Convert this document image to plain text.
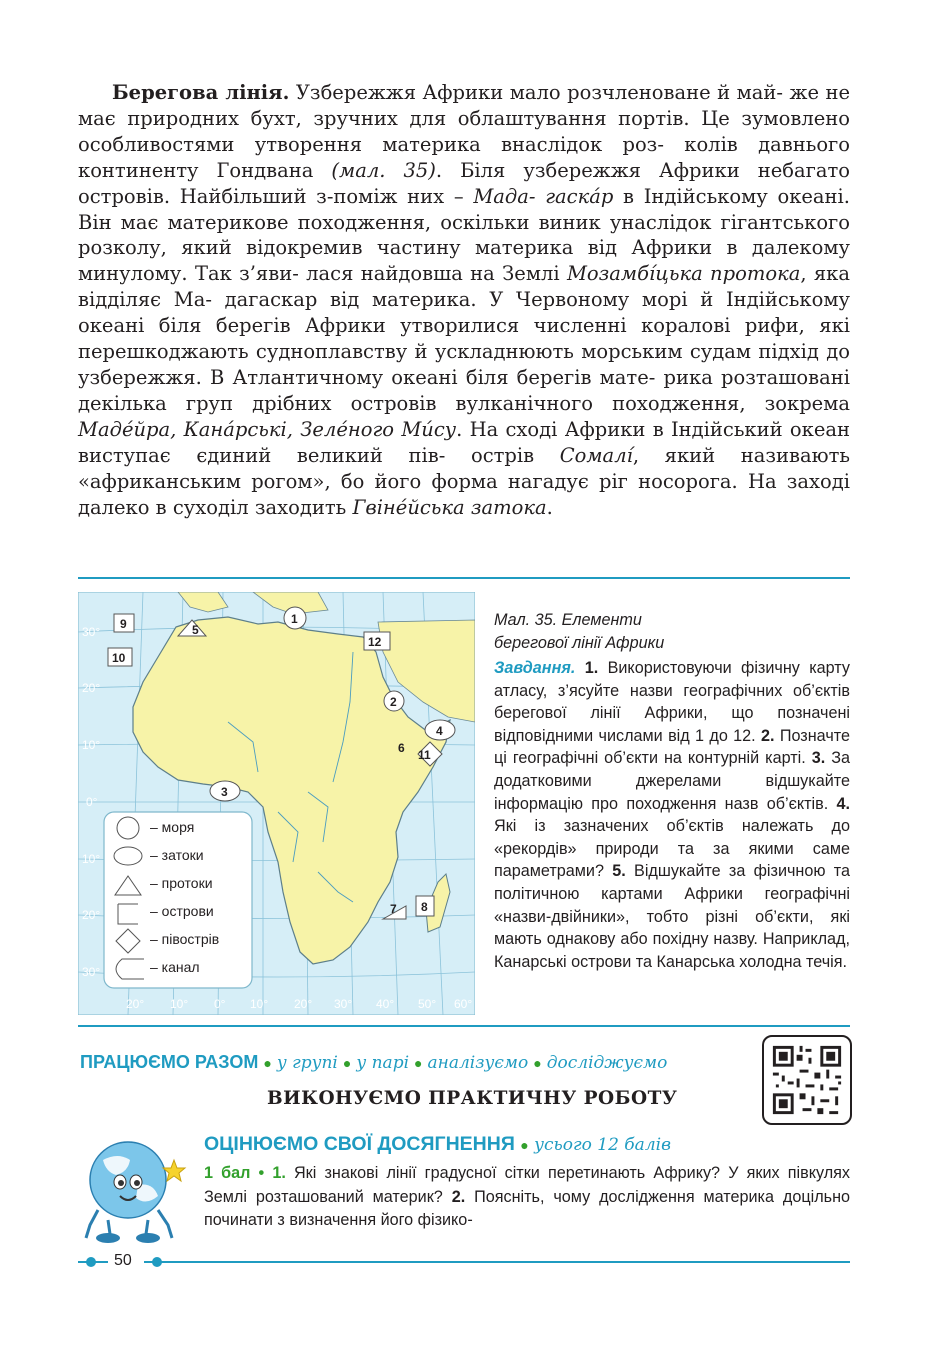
Берегова лінія. Узбережжя Африки мало розчленоване й май- же не має природних бухт, зручних для облаштування портів. Це зумовлено особливостями утворення материка внаслідок роз- колів давнього континенту Гондвана (мал. 35). Біля узбережжя Африки небагато островів. Найбільший з-поміж них – Мада- гаска́р в Індійському океані. Він має материкове походження, оскільки виник унаслідок гігантського розколу, який відокремив частину материка від Африки в далекому минулому. Так з’яви- лася найдовша на Землі Мозамбі́цька протока, яка відділяє Ма- дагаскар від материка. У Червоному морі й Індійському океані біля берегів Африки утворилися численні коралові рифи, які перешкоджають судноплавству й ускладнюють морським судам підхід до узбережжя. В Атлантичному океані біля берегів мате- рика розташовані декілька груп дрібних островів вулканічного походження, зокрема Маде́йра, Кана́рські, Зеле́ного Ми́су. На сході Африки в Індійський океан виступає єдиний великий пів- острів Сомалі́, який називають «африканським рогом», бо його форма нагадує ріг носорога. На заході далеко в суходіл заходить Гвіне́йська затока.

30°
20°
10°
0°
10°
20°
30°
20° 10° 0° 10° 20° 30° 40° 50° 60°
1
2
3
4
5
6
7 8
9
10
11
12
– моря
– затоки
– протоки
– острови
– півострів
– канал
Мал. 35. Елементи
берегової лінії Африки
Завдання. 1. Використовуючи фізичну карту атласу, з’ясуйте назви географічних об’єктів берегової лінії Африки, що позначені відповідними числами від 1 до 12. 2. Позначте ці географічні об’єкти на контурній карті. 3. За додатковими джерелами відшукайте інформацію про походження назв об’єктів. 4. Які із зазначених об’єктів належать до «рекордів» природи та за якими саме параметрами? 5. Відшукайте за фізичною та політичною картами Африки географічні «назви-двійники», тобто різні об’єкти, які мають однакову або похідну назву. Наприклад, Канарські острови та Канарська холодна течія.
ПРАЦЮЄМО РАЗОМ ● у групі ● у парі ● аналізуємо ● досліджуємо
ВИКОНУЄМО ПРАКТИЧНУ РОБОТУ
ОЦІНЮЄМО СВОЇ ДОСЯГНЕННЯ ● усього 12 балів
1 бал • 1. Які знакові лінії градусної сітки перетинають Африку? У яких півкулях Землі розташований материк? 2. Поясніть, чому дослідження материка доцільно починати з визначення його фізико-
50
